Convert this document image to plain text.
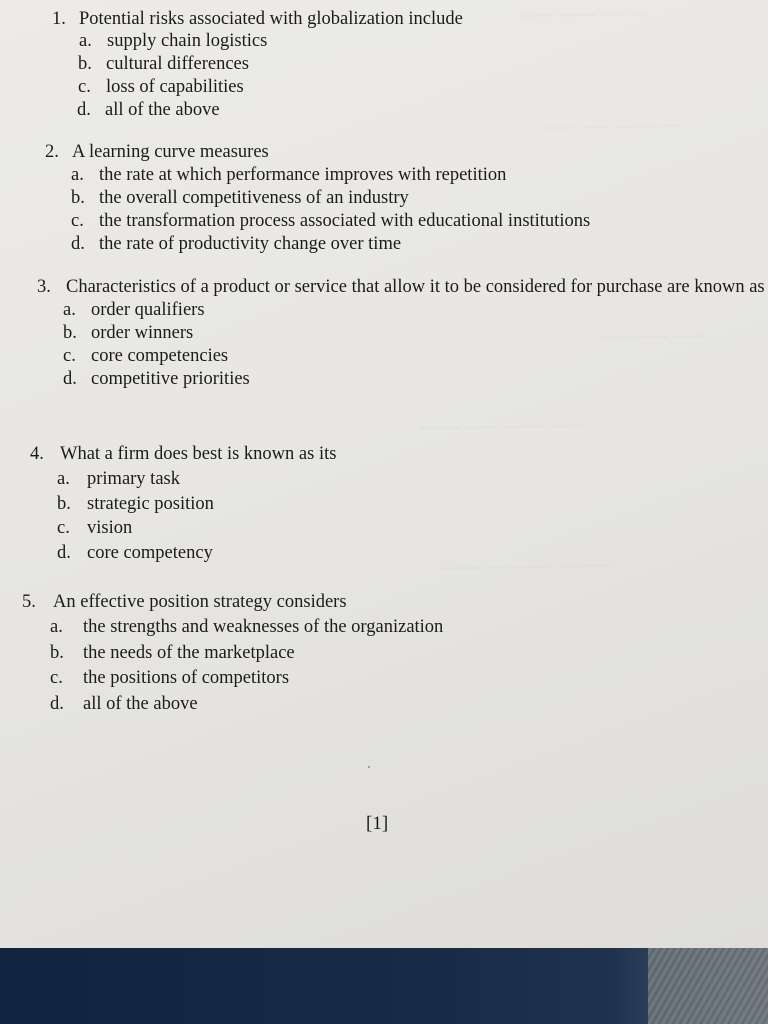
~~~~ ~~~~~ ~~~ ~~
~~~~~ ~~~ ~~~~~~ ~~
~~~ ~~~~~ ~~~~
~~~~~ ~~~~ ~~~~~~ ~~~~
~~~~~ ~~~ ~~~~~ ~~~~~~~
1. Potential risks associated with globalization include
a. supply chain logistics
b. cultural differences
c. loss of capabilities
d. all of the above
2. A learning curve measures
a. the rate at which performance improves with repetition
b. the overall competitiveness of an industry
c. the transformation process associated with educational institutions
d. the rate of productivity change over time
3. Characteristics of a product or service that allow it to be considered for purchase are known as
a. order qualifiers
b. order winners
c. core competencies
d. competitive priorities
4. What a firm does best is known as its
a. primary task
b. strategic position
c. vision
d. core competency
5. An effective position strategy considers
a.	the strengths and weaknesses of the organization
b.	the needs of the marketplace
c.	the positions of competitors
d.	all of the above
[1]
